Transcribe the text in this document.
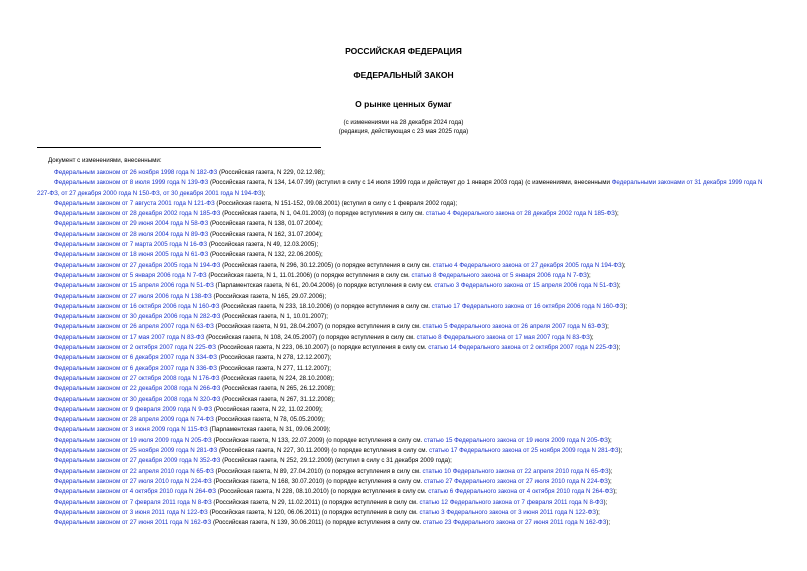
РОССИЙСКАЯ ФЕДЕРАЦИЯ
ФЕДЕРАЛЬНЫЙ ЗАКОН
О рынке ценных бумаг
(с изменениями на 28 декабря 2024 года)
(редакция, действующая с 23 мая 2025 года)
Документ с изменениями, внесенными:
Федеральным законом от 26 ноября 1998 года N 182-ФЗ (Российская газета, N 229, 02.12.98);
Федеральным законом от 8 июля 1999 года N 139-ФЗ (Российская газета, N 134, 14.07.99) (вступил в силу с 14 июля 1999 года и действует до 1 января 2003 года) (с изменениями, внесенными Федеральными законами от 31 декабря 1999 года N 227-ФЗ, от 27 декабря 2000 года N 150-ФЗ, от 30 декабря 2001 года N 194-ФЗ);
Федеральным законом от 7 августа 2001 года N 121-ФЗ (Российская газета, N 151-152, 09.08.2001) (вступил в силу с 1 февраля 2002 года);
Федеральным законом от 28 декабря 2002 года N 185-ФЗ (Российская газета, N 1, 04.01.2003) (о порядке вступления в силу см. статью 4 Федерального закона от 28 декабря 2002 года N 185-ФЗ);
Федеральным законом от 29 июня 2004 года N 58-ФЗ (Российская газета, N 138, 01.07.2004);
Федеральным законом от 28 июля 2004 года N 89-ФЗ (Российская газета, N 162, 31.07.2004);
Федеральным законом от 7 марта 2005 года N 16-ФЗ (Российская газета, N 49, 12.03.2005);
Федеральным законом от 18 июня 2005 года N 61-ФЗ (Российская газета, N 132, 22.06.2005);
Федеральным законом от 27 декабря 2005 года N 194-ФЗ (Российская газета, N 296, 30.12.2005) (о порядке вступления в силу см. статью 4 Федерального закона от 27 декабря 2005 года N 194-ФЗ);
Федеральным законом от 5 января 2006 года N 7-ФЗ (Российская газета, N 1, 11.01.2006) (о порядке вступления в силу см. статью 8 Федерального закона от 5 января 2006 года N 7-ФЗ);
Федеральным законом от 15 апреля 2006 года N 51-ФЗ (Парламентская газета, N 61, 20.04.2006) (о порядке вступления в силу см. статью 3 Федерального закона от 15 апреля 2006 года N 51-ФЗ);
Федеральным законом от 27 июля 2006 года N 138-ФЗ (Российская газета, N 165, 29.07.2006);
Федеральным законом от 16 октября 2006 года N 160-ФЗ (Российская газета, N 233, 18.10.2006) (о порядке вступления в силу см. статью 17 Федерального закона от 16 октября 2006 года N 160-ФЗ);
Федеральным законом от 30 декабря 2006 года N 282-ФЗ (Российская газета, N 1, 10.01.2007);
Федеральным законом от 26 апреля 2007 года N 63-ФЗ (Российская газета, N 91, 28.04.2007) (о порядке вступления в силу см. статью 5 Федерального закона от 26 апреля 2007 года N 63-ФЗ);
Федеральным законом от 17 мая 2007 года N 83-ФЗ (Российская газета, N 108, 24.05.2007) (о порядке вступления в силу см. статью 8 Федерального закона от 17 мая 2007 года N 83-ФЗ);
Федеральным законом от 2 октября 2007 года N 225-ФЗ (Российская газета, N 223, 06.10.2007) (о порядке вступления в силу см. статью 14 Федерального закона от 2 октября 2007 года N 225-ФЗ);
Федеральным законом от 6 декабря 2007 года N 334-ФЗ (Российская газета, N 278, 12.12.2007);
Федеральным законом от 6 декабря 2007 года N 336-ФЗ (Российская газета, N 277, 11.12.2007);
Федеральным законом от 27 октября 2008 года N 176-ФЗ (Российская газета, N 224, 28.10.2008);
Федеральным законом от 22 декабря 2008 года N 266-ФЗ (Российская газета, N 265, 26.12.2008);
Федеральным законом от 30 декабря 2008 года N 320-ФЗ (Российская газета, N 267, 31.12.2008);
Федеральным законом от 9 февраля 2009 года N 9-ФЗ (Российская газета, N 22, 11.02.2009);
Федеральным законом от 28 апреля 2009 года N 74-ФЗ (Российская газета, N 78, 05.05.2009);
Федеральным законом от 3 июня 2009 года N 115-ФЗ (Парламентская газета, N 31, 09.06.2009);
Федеральным законом от 19 июля 2009 года N 205-ФЗ (Российская газета, N 133, 22.07.2009) (о порядке вступления в силу см. статью 15 Федерального закона от 19 июля 2009 года N 205-ФЗ);
Федеральным законом от 25 ноября 2009 года N 281-ФЗ (Российская газета, N 227, 30.11.2009) (о порядке вступления в силу см. статью 17 Федерального закона от 25 ноября 2009 года N 281-ФЗ);
Федеральным законом от 27 декабря 2009 года N 352-ФЗ (Российская газета, N 252, 29.12.2009) (вступил в силу с 31 декабря 2009 года);
Федеральным законом от 22 апреля 2010 года N 65-ФЗ (Российская газета, N 89, 27.04.2010) (о порядке вступления в силу см. статью 10 Федерального закона от 22 апреля 2010 года N 65-ФЗ);
Федеральным законом от 27 июля 2010 года N 224-ФЗ (Российская газета, N 168, 30.07.2010) (о порядке вступления в силу см. статью 27 Федерального закона от 27 июля 2010 года N 224-ФЗ);
Федеральным законом от 4 октября 2010 года N 264-ФЗ (Российская газета, N 228, 08.10.2010) (о порядке вступления в силу см. статью 6 Федерального закона от 4 октября 2010 года N 264-ФЗ);
Федеральным законом от 7 февраля 2011 года N 8-ФЗ (Российская газета, N 29, 11.02.2011) (о порядке вступления в силу см. статью 12 Федерального закона от 7 февраля 2011 года N 8-ФЗ);
Федеральным законом от 3 июня 2011 года N 122-ФЗ (Российская газета, N 120, 06.06.2011) (о порядке вступления в силу см. статью 3 Федерального закона от 3 июня 2011 года N 122-ФЗ);
Федеральным законом от 27 июня 2011 года N 162-ФЗ (Российская газета, N 139, 30.06.2011) (о порядке вступления в силу см. статью 23 Федерального закона от 27 июня 2011 года N 162-ФЗ);
